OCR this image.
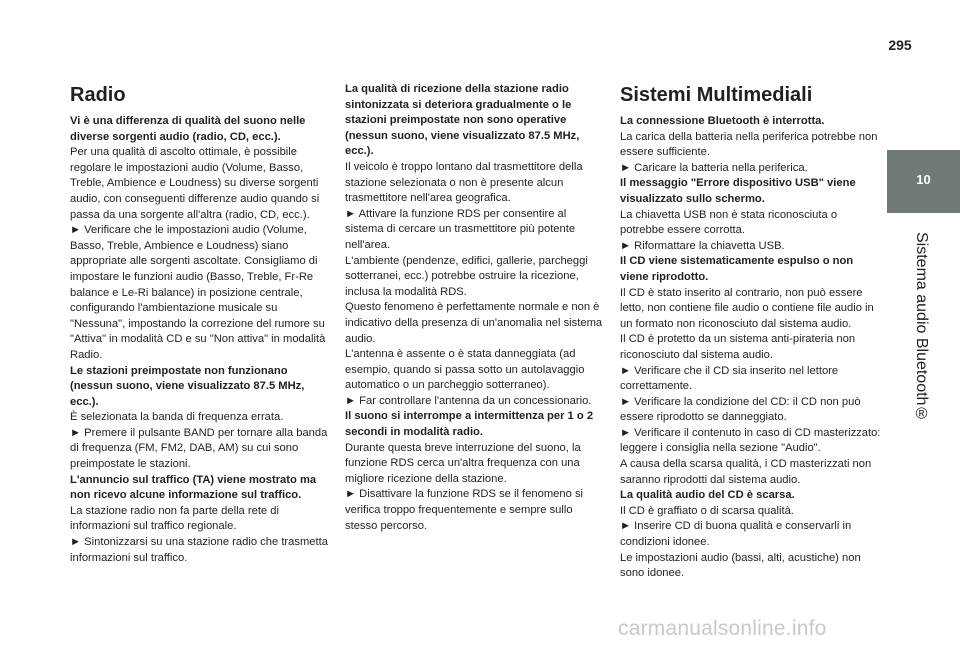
295
10
Sistema audio Bluetooth®
Radio

Vi è una differenza di qualità del suono nelle diverse sorgenti audio (radio, CD, ecc.).

Per una qualità di ascolto ottimale, è possibile regolare le impostazioni audio (Volume, Basso, Treble, Ambience e Loudness) su diverse sorgenti audio, con conseguenti differenze audio quando si passa da una sorgente all'altra (radio, CD, ecc.).

► Verificare che le impostazioni audio (Volume, Basso, Treble, Ambience e Loudness) siano appropriate alle sorgenti ascoltate. Consigliamo di impostare le funzioni audio (Basso, Treble, Fr-Re balance e Le-Ri balance) in posizione centrale, configurando l'ambientazione musicale su "Nessuna", impostando la correzione del rumore su "Attiva" in modalità CD e su "Non attiva" in modalità Radio.

Le stazioni preimpostate non funzionano (nessun suono, viene visualizzato 87.5 MHz, ecc.).

È selezionata la banda di frequenza errata.

► Premere il pulsante BAND per tornare alla banda di frequenza (FM, FM2, DAB, AM) su cui sono preimpostate le stazioni.

L'annuncio sul traffico (TA) viene mostrato ma non ricevo alcune informazione sul traffico.

La stazione radio non fa parte della rete di informazioni sul traffico regionale.

► Sintonizzarsi su una stazione radio che trasmetta informazioni sul traffico.

La qualità di ricezione della stazione radio sintonizzata si deteriora gradualmente o le stazioni preimpostate non sono operative (nessun suono, viene visualizzato 87.5 MHz, ecc.).

Il veicolo è troppo lontano dal trasmettitore della stazione selezionata o non è presente alcun trasmettitore nell'area geografica.

► Attivare la funzione RDS per consentire al sistema di cercare un trasmettitore più potente nell'area.

L'ambiente (pendenze, edifici, gallerie, parcheggi sotterranei, ecc.) potrebbe ostruire la ricezione, inclusa la modalità RDS.

Questo fenomeno è perfettamente normale e non è indicativo della presenza di un'anomalia nel sistema audio.

L'antenna è assente o è stata danneggiata (ad esempio, quando si passa sotto un autolavaggio automatico o un parcheggio sotterraneo).

► Far controllare l'antenna da un concessionario.

Il suono si interrompe a intermittenza per 1 o 2 secondi in modalità radio.

Durante questa breve interruzione del suono, la funzione RDS cerca un'altra frequenza con una migliore ricezione della stazione.

► Disattivare la funzione RDS se il fenomeno si verifica troppo frequentemente e sempre sullo stesso percorso.

Sistemi Multimediali

La connessione Bluetooth è interrotta.

La carica della batteria nella periferica potrebbe non essere sufficiente.

► Caricare la batteria nella periferica.

Il messaggio "Errore dispositivo USB" viene visualizzato sullo schermo.

La chiavetta USB non è stata riconosciuta o potrebbe essere corrotta.

► Riformattare la chiavetta USB.

Il CD viene sistematicamente espulso o non viene riprodotto.

Il CD è stato inserito al contrario, non può essere letto, non contiene file audio o contiene file audio in un formato non riconosciuto dal sistema audio.

Il CD è protetto da un sistema anti-pirateria non riconosciuto dal sistema audio.

► Verificare che il CD sia inserito nel lettore correttamente.

► Verificare la condizione del CD: il CD non può essere riprodotto se danneggiato.

► Verificare il contenuto in caso di CD masterizzato: leggere i consiglia nella sezione "Audio".

A causa della scarsa qualità, i CD masterizzati non saranno riprodotti dal sistema audio.

La qualità audio del CD è scarsa.

Il CD è graffiato o di scarsa qualità.

► Inserire CD di buona qualità e conservarli in condizioni idonee.

Le impostazioni audio (bassi, alti, acustiche) non sono idonee.

carmanualsonline.info
